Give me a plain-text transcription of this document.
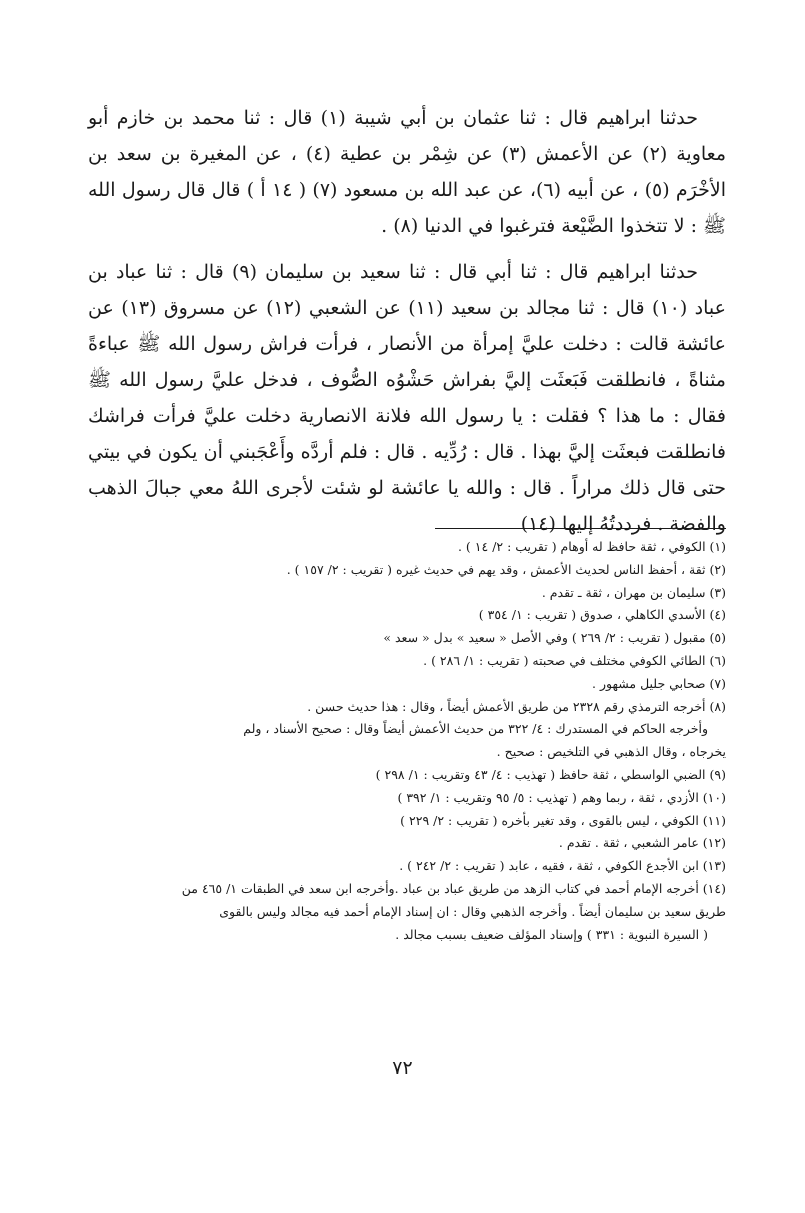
حدثنا ابراهيم قال : ثنا عثمان بن أبي شيبة (١) قال : ثنا محمد بن خازم أبو معاوية (٢) عن الأعمش (٣) عن شِمْر بن عطية (٤) ، عن المغيرة بن سعد بن الأخْرَم (٥) ، عن أبيه (٦)، عن عبد الله بن مسعود (٧) ( ١٤ أ ) قال قال رسول الله ﷺ : لا تتخذوا الضَّيْعة فترغبوا في الدنيا (٨) .

حدثنا ابراهيم قال : ثنا أبي قال : ثنا سعيد بن سليمان (٩) قال : ثنا عباد بن عباد (١٠) قال : ثنا مجالد بن سعيد (١١) عن الشعبي (١٢) عن مسروق (١٣) عن عائشة قالت : دخلت عليَّ إمرأة من الأنصار ، فرأت فراش رسول الله ﷺ عباءةً مثناةً ، فانطلقت فَبَعثَت إليَّ بفراش حَشْوُه الصُّوف ، فدخل عليَّ رسول الله ﷺ فقال : ما هذا ؟ فقلت : يا رسول الله فلانة الانصارية دخلت عليَّ فرأت فراشك فانطلقت فبعثَت إليَّ بهذا . قال : رُدِّيه . قال : فلم أردَّه وأَعْجَبني أن يكون في بيتي حتى قال ذلك مراراً . قال : والله يا عائشة لو شئت لأجرى اللهُ معي جبالَ الذهب والفضة . فرددتُهُ إليها (١٤)

(١) الكوفي ، ثقة حافظ له أوهام ( تقريب : ٢/ ١٤ ) .

(٢) ثقة ، أحفظ الناس لحديث الأعمش ، وقد يهم في حديث غيره ( تقريب : ٢/ ١٥٧ ) .

(٣) سليمان بن مهران ، ثقة ـ تقدم .

(٤) الأسدي الكاهلي ، صدوق ( تقريب : ١/ ٣٥٤ )

(٥) مقبول ( تقريب : ٢/ ٢٦٩ ) وفي الأصل « سعيد » بدل « سعد »

(٦) الطائي الكوفي مختلف في صحبته ( تقريب : ١/ ٢٨٦ ) .

(٧) صحابي جليل مشهور .

(٨) أخرجه الترمذي رقم ٢٣٢٨ من طريق الأعمش أيضاً ، وقال : هذا حديث حسن .

وأخرجه الحاكم في المستدرك : ٤/ ٣٢٢ من حديث الأعمش أيضاً وقال : صحيح الأسناد ، ولم

يخرجاه ، وقال الذهبي في التلخيص : صحيح .

(٩) الضبي الواسطي ، ثقة حافظ ( تهذيب : ٤/ ٤٣ وتقريب : ١/ ٢٩٨ )

(١٠) الأزدي ، ثقة ، ربما وهم ( تهذيب : ٥/ ٩٥ وتقريب : ١/ ٣٩٢ )

(١١) الكوفي ، ليس بالقوى ، وقد تغير بأخره ( تقريب : ٢/ ٢٢٩ )

(١٢) عامر الشعبي ، ثقة . تقدم .

(١٣) ابن الأجدع الكوفي ، ثقة ، فقيه ، عابد ( تقريب : ٢/ ٢٤٢ ) .

(١٤) أخرجه الإمام أحمد في كتاب الزهد من طريق عباد بن عباد .وأخرجه ابن سعد في الطبقات ١/ ٤٦٥ من

طريق سعيد بن سليمان أيضاً . وأخرجه الذهبي وقال : ان إسناد الإمام أحمد فيه مجالد وليس بالقوى

( السيرة النبوية : ٣٣١ ) وإسناد المؤلف ضعيف بسبب مجالد .

٧٢
